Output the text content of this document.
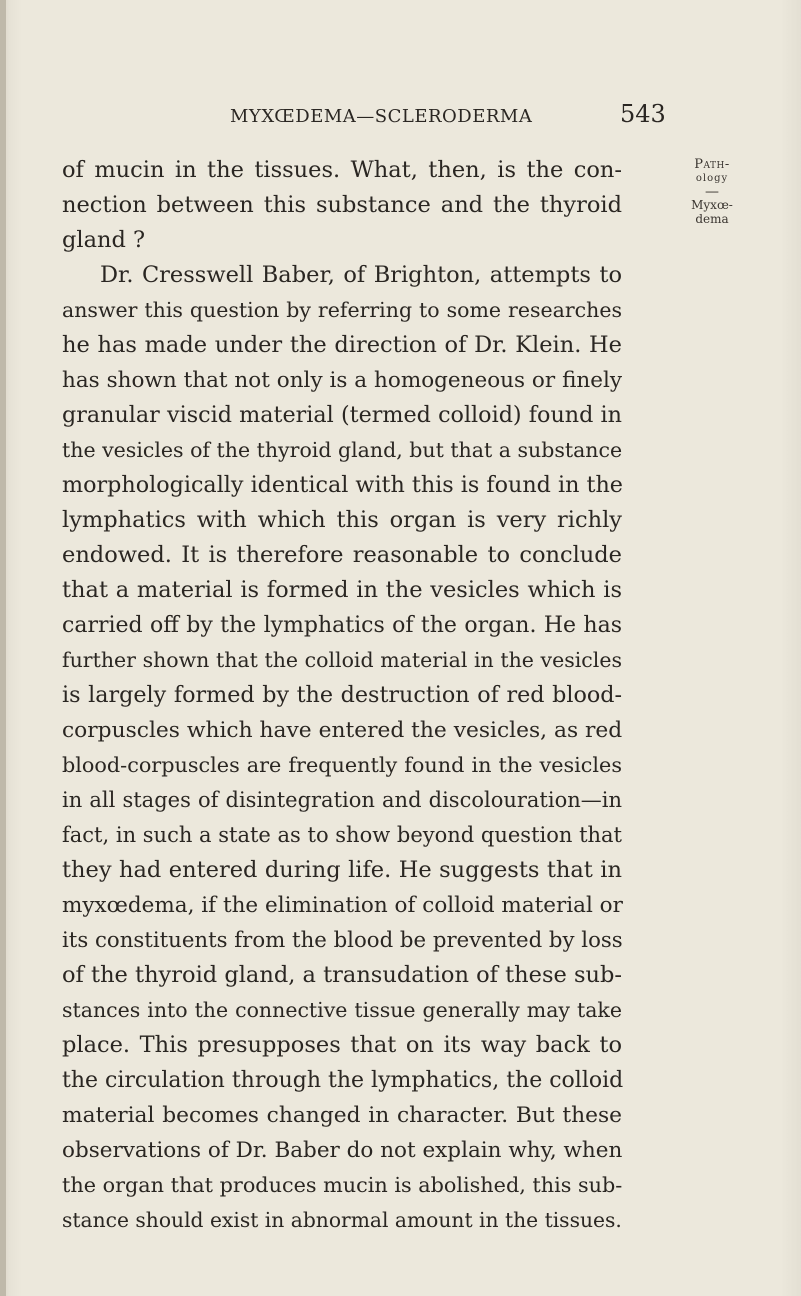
MYXŒDEMA—SCLERODERMA	543
Path-
ology
—
Myxœ-
dema
of mucin in the tissues. What, then, is the con-
nection between this substance and the thyroid
gland ?
Dr. Cresswell Baber, of Brighton, attempts to
answer this question by referring to some researches
he has made under the direction of Dr. Klein. He
has shown that not only is a homogeneous or finely
granular viscid material (termed colloid) found in
the vesicles of the thyroid gland, but that a substance
morphologically identical with this is found in the
lymphatics with which this organ is very richly
endowed. It is therefore reasonable to conclude
that a material is formed in the vesicles which is
carried off by the lymphatics of the organ. He has
further shown that the colloid material in the vesicles
is largely formed by the destruction of red blood-
corpuscles which have entered the vesicles, as red
blood-corpuscles are frequently found in the vesicles
in all stages of disintegration and discolouration—in
fact, in such a state as to show beyond question that
they had entered during life. He suggests that in
myxœdema, if the elimination of colloid material or
its constituents from the blood be prevented by loss
of the thyroid gland, a transudation of these sub-
stances into the connective tissue generally may take
place. This presupposes that on its way back to
the circulation through the lymphatics, the colloid
material becomes changed in character. But these
observations of Dr. Baber do not explain why, when
the organ that produces mucin is abolished, this sub-
stance should exist in abnormal amount in the tissues.
